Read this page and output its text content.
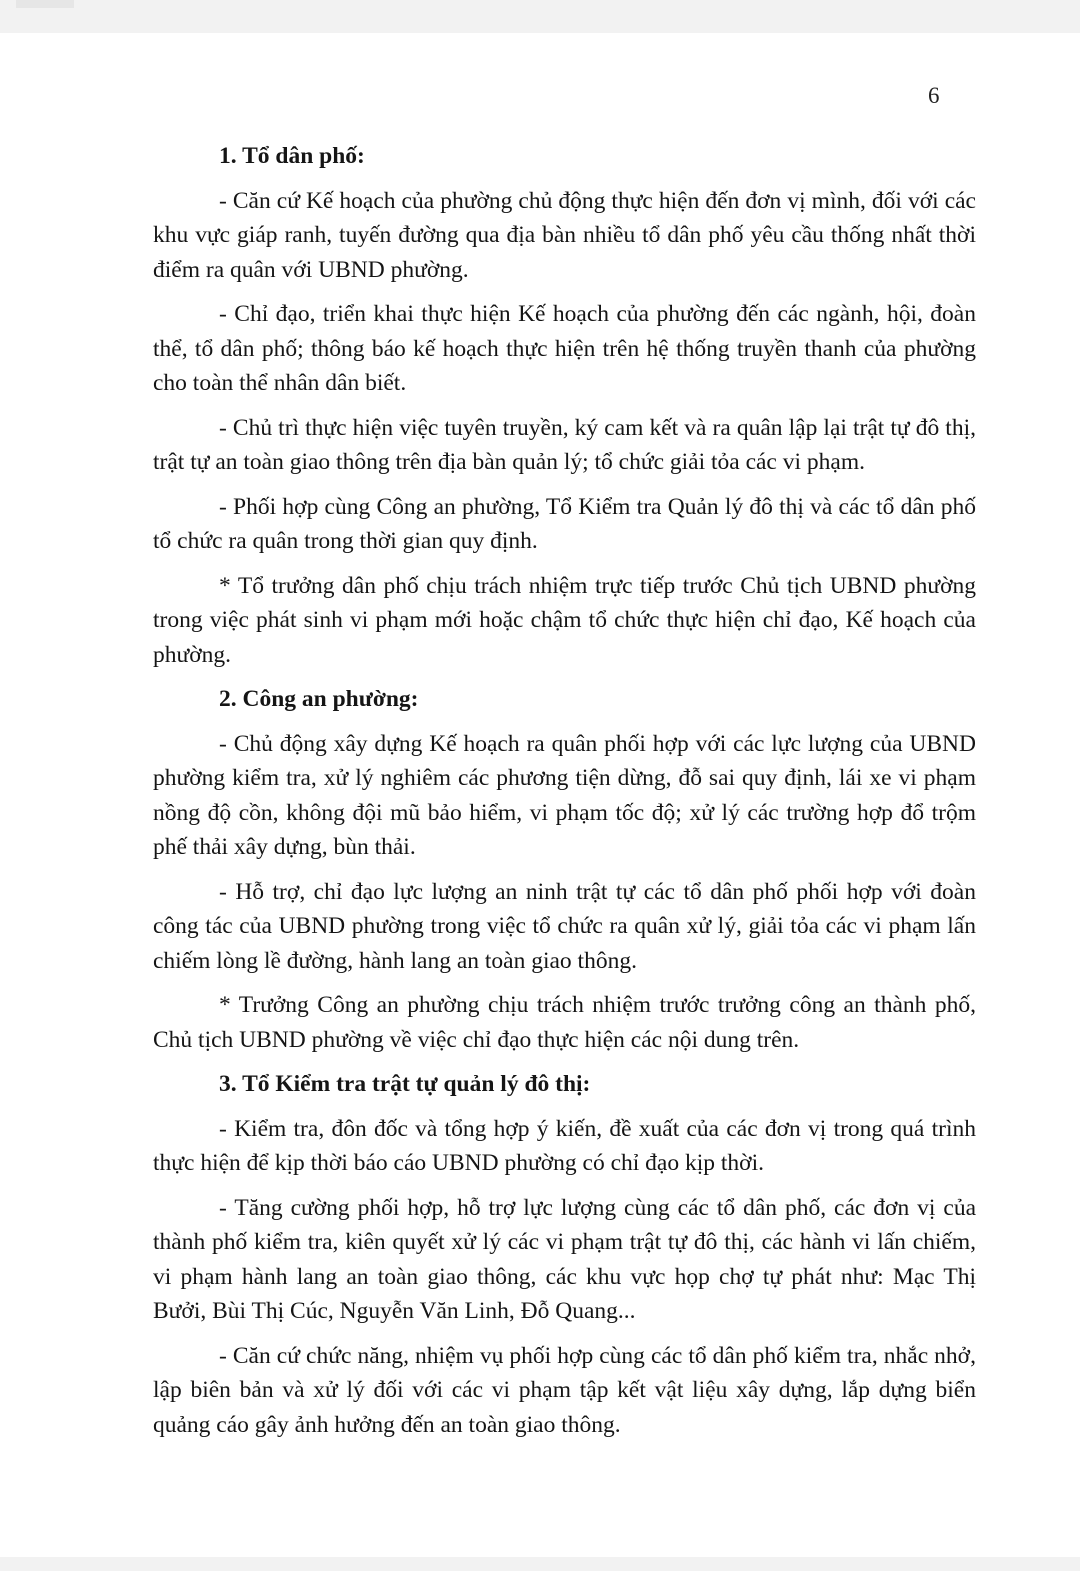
6
1. Tổ dân phố:

- Căn cứ Kế hoạch của phường chủ động thực hiện đến đơn vị mình, đối với các khu vực giáp ranh, tuyến đường qua địa bàn nhiều tổ dân phố yêu cầu thống nhất thời điểm ra quân với UBND phường.

- Chỉ đạo, triển khai thực hiện Kế hoạch của phường đến các ngành, hội, đoàn thể, tổ dân phố; thông báo kế hoạch thực hiện trên hệ thống truyền thanh của phường cho toàn thể nhân dân biết.

- Chủ trì thực hiện việc tuyên truyền, ký cam kết và ra quân lập lại trật tự đô thị, trật tự an toàn giao thông trên địa bàn quản lý; tổ chức giải tỏa các vi phạm.

- Phối hợp cùng Công an phường, Tổ Kiểm tra Quản lý đô thị và các tổ dân phố tổ chức ra quân trong thời gian quy định.

* Tổ trưởng dân phố chịu trách nhiệm trực tiếp trước Chủ tịch UBND phường trong việc phát sinh vi phạm mới hoặc chậm tổ chức thực hiện chỉ đạo, Kế hoạch của phường.

2. Công an phường:

- Chủ động xây dựng Kế hoạch ra quân phối hợp với các lực lượng của UBND phường kiểm tra, xử lý nghiêm các phương tiện dừng, đỗ sai quy định, lái xe vi phạm nồng độ cồn, không đội mũ bảo hiểm, vi phạm tốc độ; xử lý các trường hợp đổ trộm phế thải xây dựng, bùn thải.

- Hỗ trợ, chỉ đạo lực lượng an ninh trật tự các tổ dân phố phối hợp với đoàn công tác của UBND phường trong việc tổ chức ra quân xử lý, giải tỏa các vi phạm lấn chiếm lòng lề đường, hành lang an toàn giao thông.

* Trưởng Công an phường chịu trách nhiệm trước trưởng công an thành phố, Chủ tịch UBND phường về việc chỉ đạo thực hiện các nội dung trên.

3. Tổ Kiểm tra trật tự quản lý đô thị:

- Kiểm tra, đôn đốc và tổng hợp ý kiến, đề xuất của các đơn vị trong quá trình thực hiện để kịp thời báo cáo UBND phường có chỉ đạo kịp thời.

- Tăng cường phối hợp, hỗ trợ lực lượng cùng các tổ dân phố, các đơn vị của thành phố kiểm tra, kiên quyết xử lý các vi phạm trật tự đô thị, các hành vi lấn chiếm, vi phạm hành lang an toàn giao thông, các khu vực họp chợ tự phát như: Mạc Thị Bưởi, Bùi Thị Cúc, Nguyễn Văn Linh, Đỗ Quang...

- Căn cứ chức năng, nhiệm vụ phối hợp cùng các tổ dân phố kiểm tra, nhắc nhở, lập biên bản và xử lý đối với các vi phạm tập kết vật liệu xây dựng, lắp dựng biển quảng cáo gây ảnh hưởng đến an toàn giao thông.
